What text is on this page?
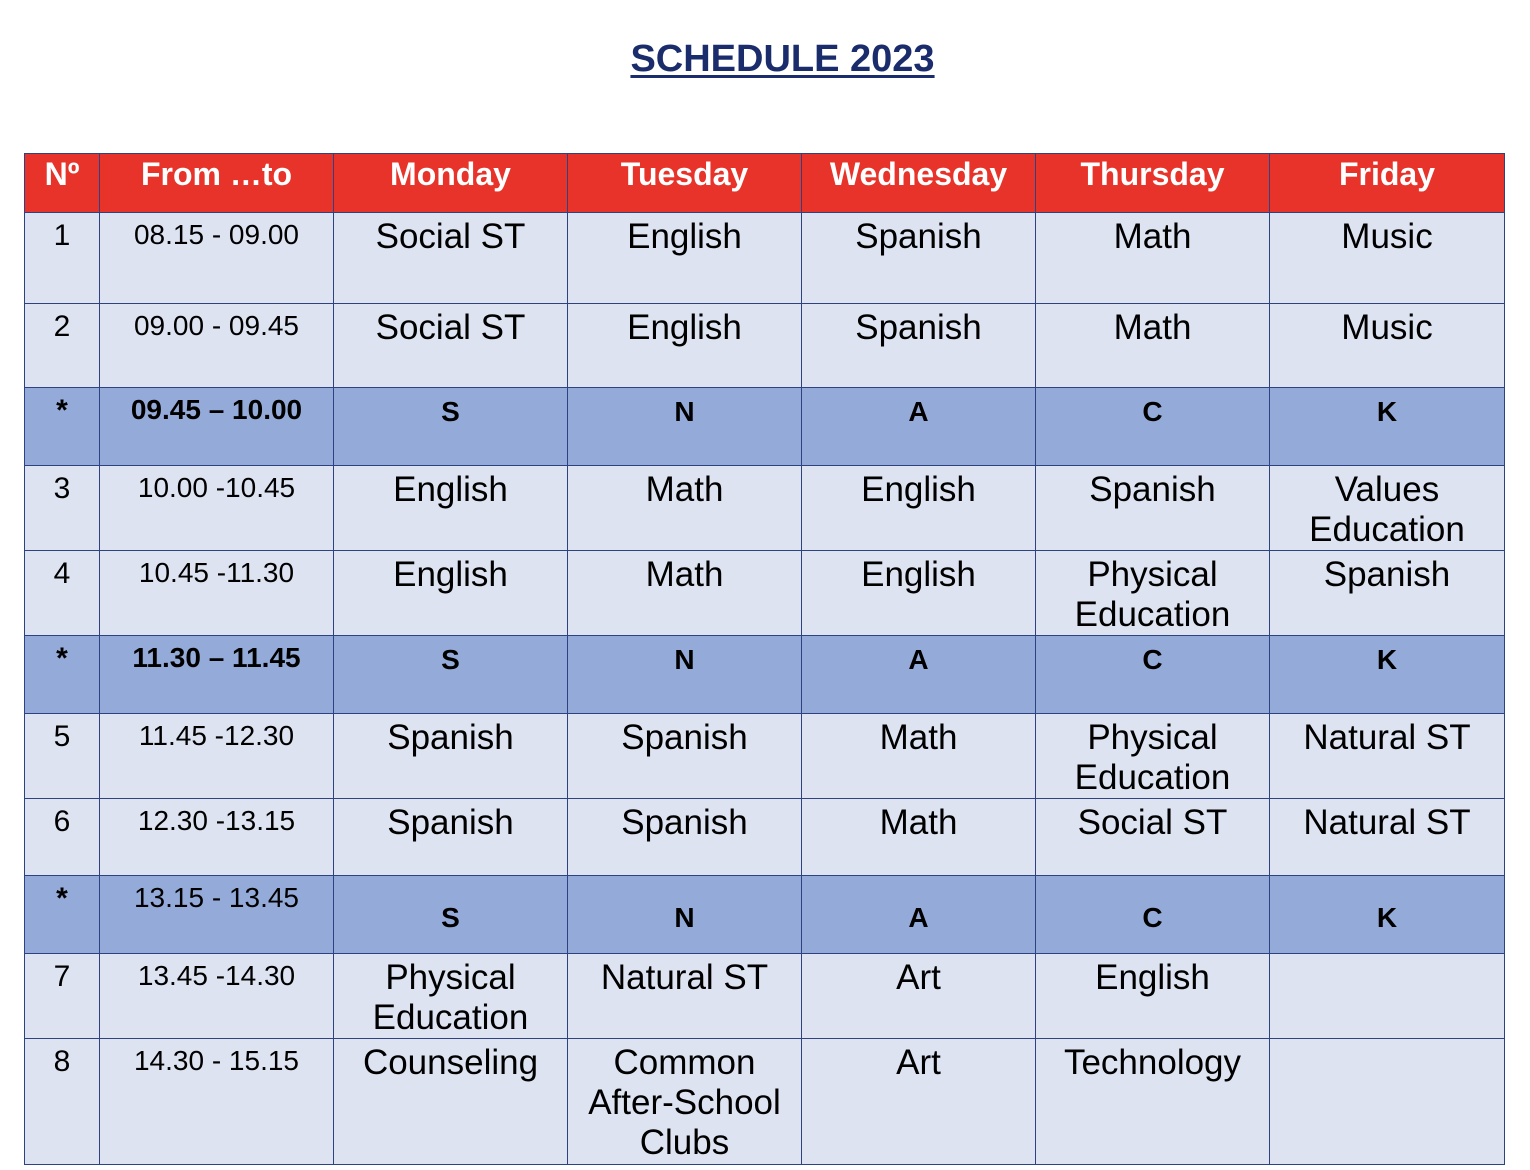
SCHEDULE 2023
Nº	From …to	Monday	Tuesday	Wednesday	Thursday	Friday
1	08.15 - 09.00	Social ST	English	Spanish	Math	Music
2	09.00 - 09.45	Social ST	English	Spanish	Math	Music
*	09.45 – 10.00	S	N	A	C	K
3	10.00 -10.45	English	Math	English	Spanish	Values Education
4	10.45 -11.30	English	Math	English	Physical Education	Spanish
*	11.30 – 11.45	S	N	A	C	K
5	11.45 -12.30	Spanish	Spanish	Math	Physical Education	Natural ST
6	12.30 -13.15	Spanish	Spanish	Math	Social ST	Natural ST
*	13.15 - 13.45	S	N	A	C	K
7	13.45 -14.30	Physical Education	Natural ST	Art	English	
8	14.30 - 15.15	Counseling	Common After-School Clubs	Art	Technology	
